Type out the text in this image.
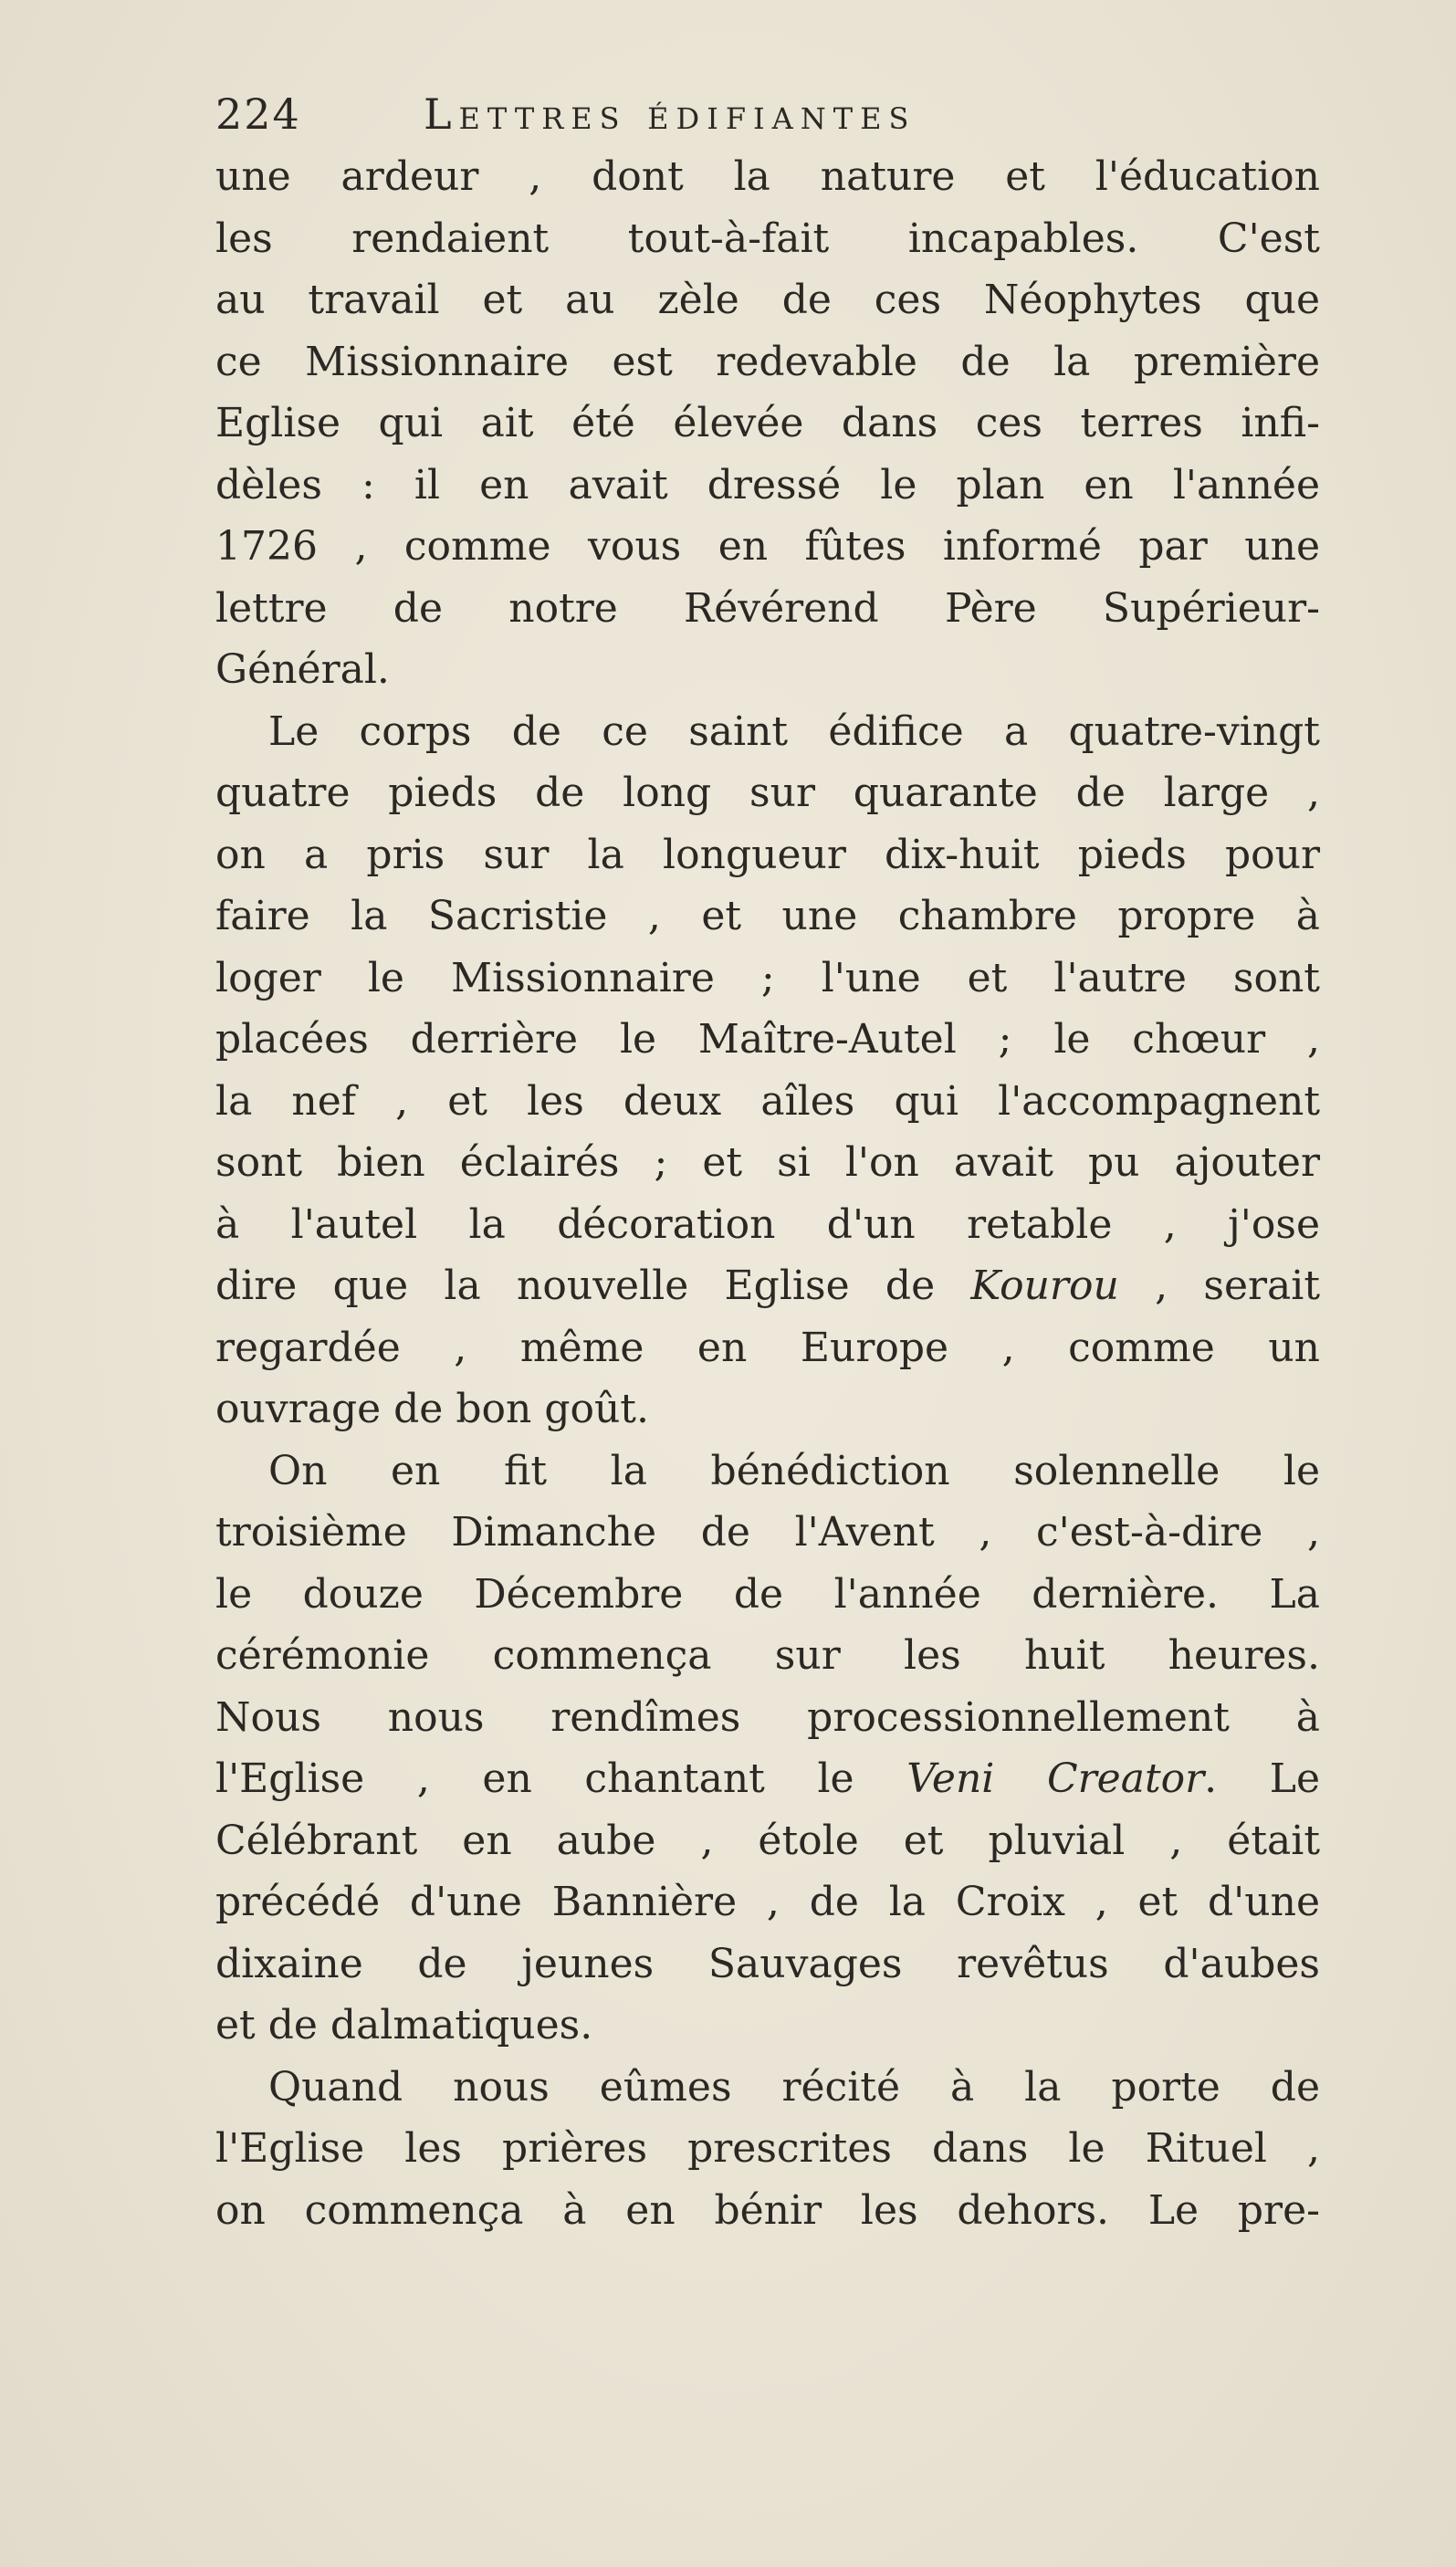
224	Lettres édifiantes
une ardeur , dont la nature et l'éducation
les rendaient tout-à-fait incapables. C'est
au travail et au zèle de ces Néophytes que
ce Missionnaire est redevable de la première
Eglise qui ait été élevée dans ces terres infi-
dèles : il en avait dressé le plan en l'année
1726 , comme vous en fûtes informé par une
lettre de notre Révérend Père Supérieur-
Général.
Le corps de ce saint édifice a quatre-vingt
quatre pieds de long sur quarante de large ,
on a pris sur la longueur dix-huit pieds pour
faire la Sacristie , et une chambre propre à
loger le Missionnaire ; l'une et l'autre sont
placées derrière le Maître-Autel ; le chœur ,
la nef , et les deux aîles qui l'accompagnent
sont bien éclairés ; et si l'on avait pu ajouter
à l'autel la décoration d'un retable , j'ose
dire que la nouvelle Eglise de Kourou , serait
regardée , même en Europe , comme un
ouvrage de bon goût.
On en fit la bénédiction solennelle le
troisième Dimanche de l'Avent , c'est-à-dire ,
le douze Décembre de l'année dernière. La
cérémonie commença sur les huit heures.
Nous nous rendîmes processionnellement à
l'Eglise , en chantant le Veni Creator. Le
Célébrant en aube , étole et pluvial , était
précédé d'une Bannière , de la Croix , et d'une
dixaine de jeunes Sauvages revêtus d'aubes
et de dalmatiques.
Quand nous eûmes récité à la porte de
l'Eglise les prières prescrites dans le Rituel ,
on commença à en bénir les dehors. Le pre-
